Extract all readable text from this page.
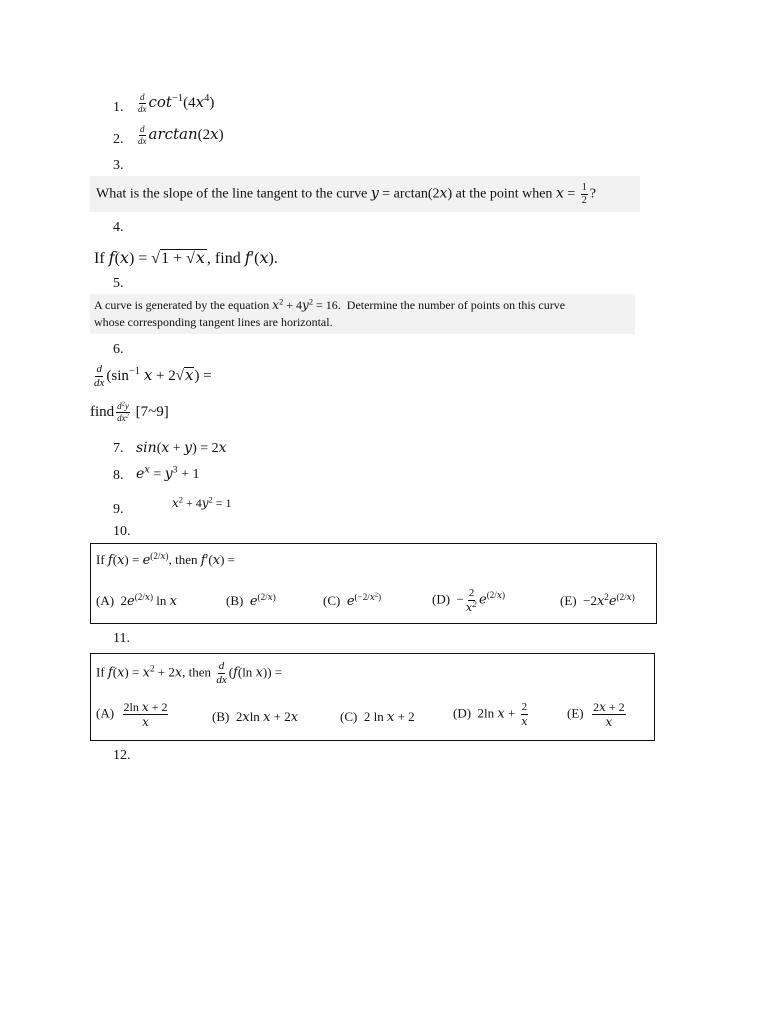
1. $\frac{d}{dx} \cot^{-1}(4x^4)$
2. $\frac{d}{dx} \arctan(2x)$
3.
What is the slope of the line tangent to the curve y = arctan(2x) at the point when $x = \frac{1}{2}$ ?
4.
If f(x) = √1 + √x , find f′(x).
5.
A curve is generated by the equation $x^2 + 4y^2 = 16$.  Determine the number of points on this curve
whose corresponding tangent lines are horizontal.
6.
$\frac{d}{dx} (\sin^{-1}$ x + 2√x) =
find $\frac{d^2y}{dx^2}$ [7~9]
7. sin(x + y) = 2x
8. $e^x = y^3 + 1$
9.	$x^2 + 4y^2 = 1$
10.
If $f(x) = e^{(2/x)}$, then f′(x) =
(A)  $2e^{(2/x)}$ ln x	(B) $e^{(2/x)}$	(C) $e^{(-2/x^2)}$	$(D) - \frac{2}{x^2} e^{(2/x)}$	$(E) -2x^2e^{(2/x)}$
11.
If $f(x) = x^2 + 2x$, then $\frac{d}{dx} (f(\ln$ x)) =
$(A) \frac{\text{2ln x + 2}}{x}$	(B)  2xln x + 2x	(C)  2 ln x + 2	(D)  2ln $x + \frac{2}{x}$	$(E) \frac{2x + 2}{x}$
12.
